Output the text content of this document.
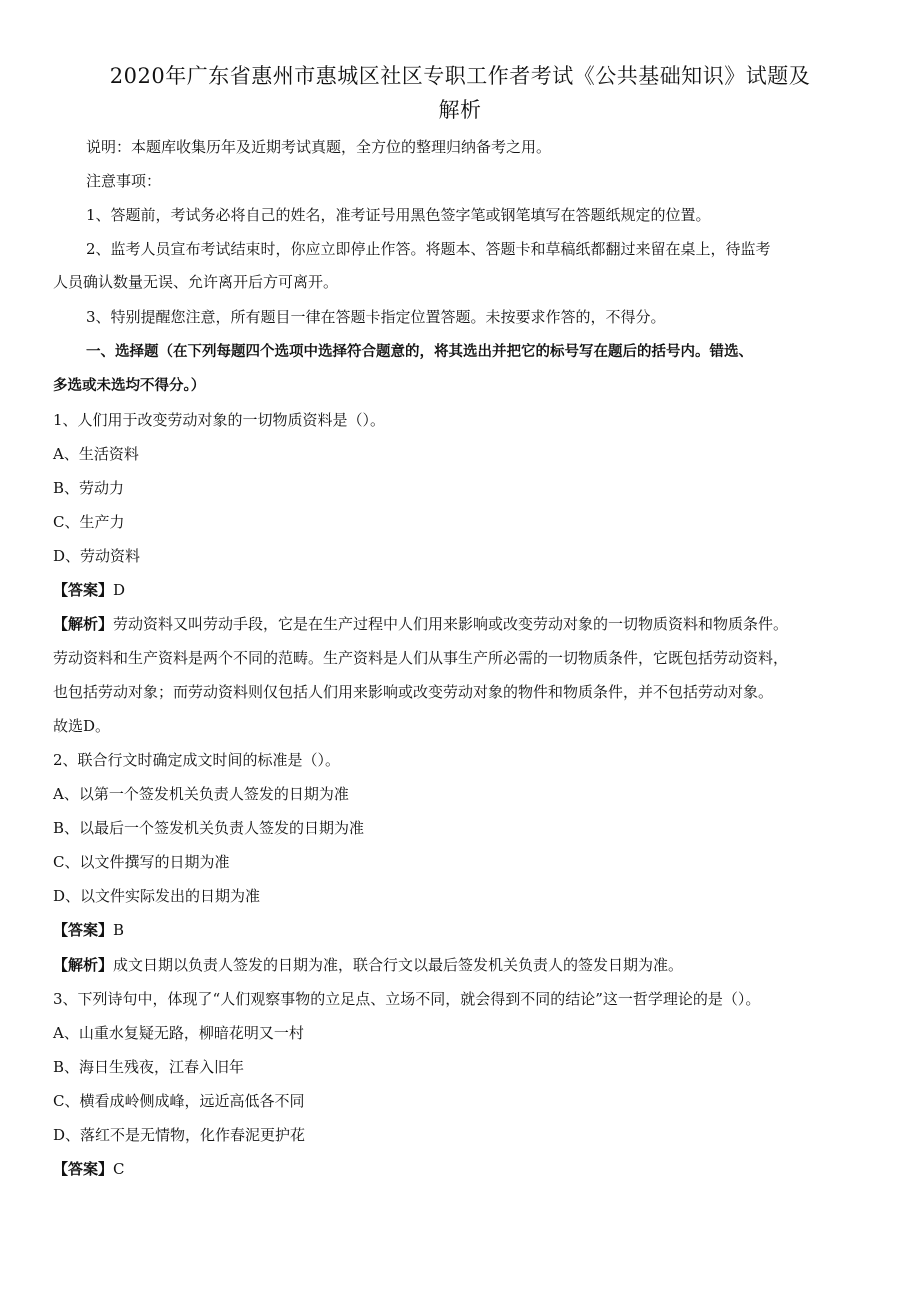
2020年广东省惠州市惠城区社区专职工作者考试《公共基础知识》试题及
解析

说明：本题库收集历年及近期考试真题，全方位的整理归纳备考之用。

注意事项：

1、答题前，考试务必将自己的姓名，准考证号用黑色签字笔或钢笔填写在答题纸规定的位置。

2、监考人员宣布考试结束时，你应立即停止作答。将题本、答题卡和草稿纸都翻过来留在桌上，待监考

人员确认数量无误、允许离开后方可离开。

3、特别提醒您注意，所有题目一律在答题卡指定位置答题。未按要求作答的，不得分。

一、选择题（在下列每题四个选项中选择符合题意的，将其选出并把它的标号写在题后的括号内。错选、

多选或未选均不得分。）

1、人们用于改变劳动对象的一切物质资料是（）。

A、生活资料

B、劳动力

C、生产力

D、劳动资料

【答案】D

【解析】劳动资料又叫劳动手段，它是在生产过程中人们用来影响或改变劳动对象的一切物质资料和物质条件。

劳动资料和生产资料是两个不同的范畴。生产资料是人们从事生产所必需的一切物质条件，它既包括劳动资料，

也包括劳动对象；而劳动资料则仅包括人们用来影响或改变劳动对象的物件和物质条件，并不包括劳动对象。

故选D。

2、联合行文时确定成文时间的标准是（）。

A、以第一个签发机关负责人签发的日期为准

B、以最后一个签发机关负责人签发的日期为准

C、以文件撰写的日期为准

D、以文件实际发出的日期为准

【答案】B

【解析】成文日期以负责人签发的日期为准，联合行文以最后签发机关负责人的签发日期为准。

3、下列诗句中，体现了“人们观察事物的立足点、立场不同，就会得到不同的结论”这一哲学理论的是（）。

A、山重水复疑无路，柳暗花明又一村

B、海日生残夜，江春入旧年

C、横看成岭侧成峰，远近高低各不同

D、落红不是无情物，化作春泥更护花

【答案】C
